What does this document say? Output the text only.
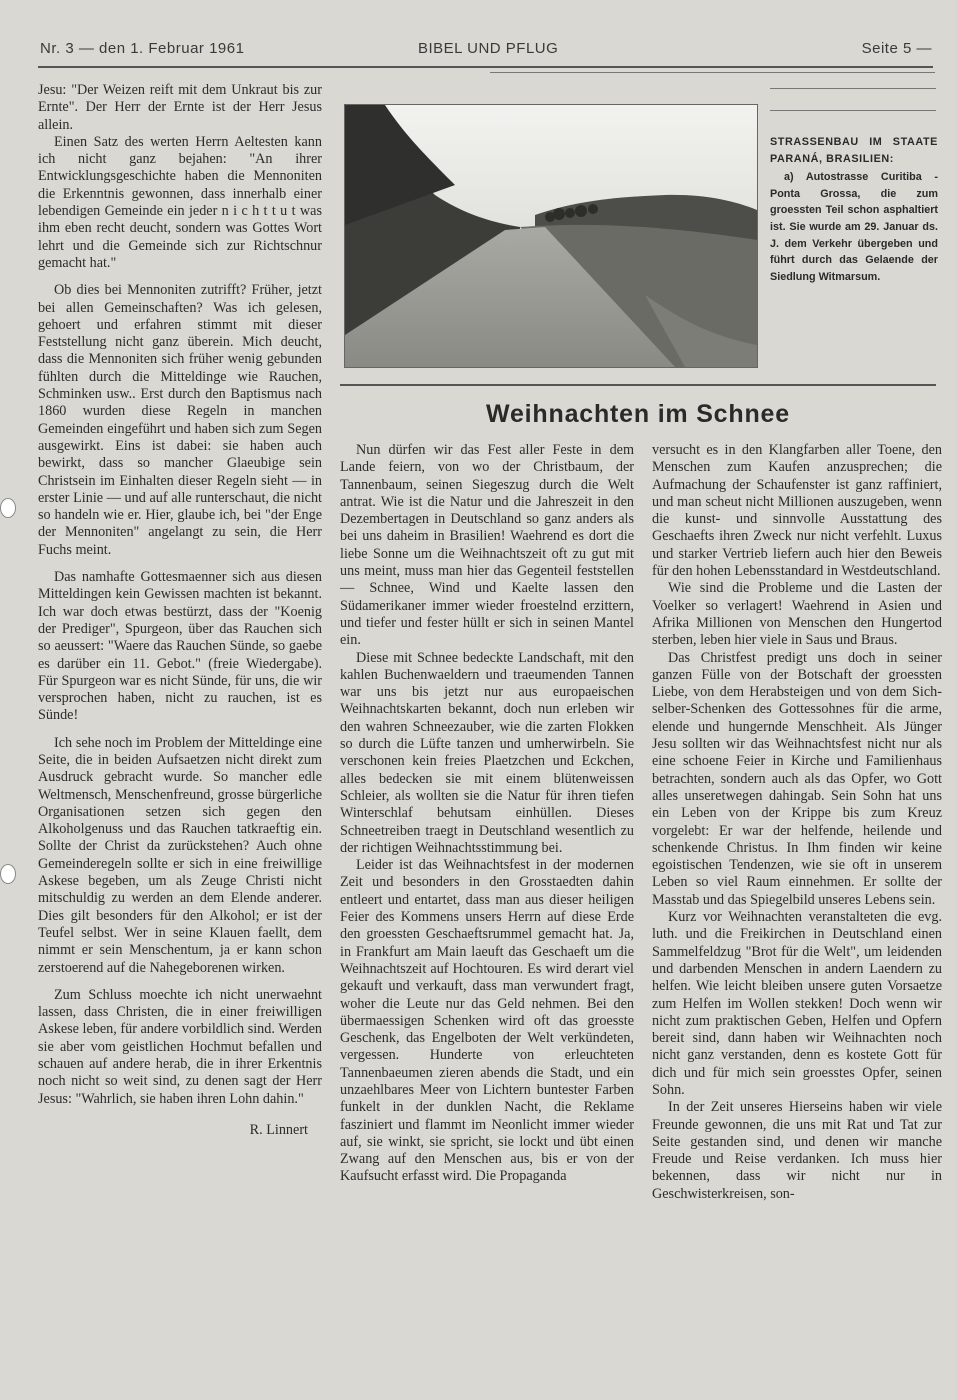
Nr. 3 — den 1. Februar 1961	BIBEL UND PFLUG	Seite 5 —

Jesu: "Der Weizen reift mit dem Unkraut bis zur Ernte". Der Herr der Ernte ist der Herr Jesus allein.

Einen Satz des werten Herrn Aeltesten kann ich nicht ganz bejahen: "An ihrer Entwicklungsgeschichte haben die Mennoniten die Erkenntnis gewonnen, dass innerhalb einer lebendigen Gemeinde ein jeder n i c h t t u t was ihm eben recht deucht, sondern was Gottes Wort lehrt und die Gemeinde sich zur Richtschnur gemacht hat."

Ob dies bei Mennoniten zutrifft? Früher, jetzt bei allen Gemeinschaften? Was ich gelesen, gehoert und erfahren stimmt mit dieser Feststellung nicht ganz überein. Mich deucht, dass die Mennoniten sich früher wenig gebunden fühlten durch die Mitteldinge wie Rauchen, Schminken usw.. Erst durch den Baptismus nach 1860 wurden diese Regeln in manchen Gemeinden eingeführt und haben sich zum Segen ausgewirkt. Eins ist dabei: sie haben auch bewirkt, dass so mancher Glaeubige sein Christsein im Einhalten dieser Regeln sieht — in erster Linie — und auf alle runterschaut, die nicht so handeln wie er. Hier, glaube ich, bei "der Enge der Mennoniten" angelangt zu sein, die Herr Fuchs meint.

Das namhafte Gottesmaenner sich aus diesen Mitteldingen kein Gewissen machten ist bekannt. Ich war doch etwas bestürzt, dass der "Koenig der Prediger", Spurgeon, über das Rauchen sich so aeussert: "Waere das Rauchen Sünde, so gaebe es darüber ein 11. Gebot." (freie Wiedergabe). Für Spurgeon war es nicht Sünde, für uns, die wir versprochen haben, nicht zu rauchen, ist es Sünde!

Ich sehe noch im Problem der Mitteldinge eine Seite, die in beiden Aufsaetzen nicht direkt zum Ausdruck gebracht wurde. So mancher edle Weltmensch, Menschenfreund, grosse bürgerliche Organisationen setzen sich gegen den Alkoholgenuss und das Rauchen tatkraeftig ein. Sollte der Christ da zurückstehen? Auch ohne Gemeinderegeln sollte er sich in eine freiwillige Askese begeben, um als Zeuge Christi nicht mitschuldig zu werden an dem Elende anderer. Dies gilt besonders für den Alkohol; er ist der Teufel selbst. Wer in seine Klauen faellt, dem nimmt er sein Menschentum, ja er kann schon zerstoerend auf die Nahegeborenen wirken.

Zum Schluss moechte ich nicht unerwaehnt lassen, dass Christen, die in einer freiwilligen Askese leben, für andere vorbildlich sind. Werden sie aber vom geistlichen Hochmut befallen und schauen auf andere herab, die in ihrer Erkentnis noch nicht so weit sind, zu denen sagt der Herr Jesus: "Wahrlich, sie haben ihren Lohn dahin."

R. Linnert

STRASSENBAU IM STAATE PARANÁ, BRASILIEN:
a) Autostrasse Curitiba - Ponta Grossa, die zum groessten Teil schon asphaltiert ist. Sie wurde am 29. Januar ds. J. dem Verkehr übergeben und führt durch das Gelaende der Siedlung Witmarsum.
Weihnachten im Schnee

Nun dürfen wir das Fest aller Feste in dem Lande feiern, von wo der Christbaum, der Tannenbaum, seinen Siegeszug durch die Welt antrat. Wie ist die Natur und die Jahreszeit in den Dezembertagen in Deutschland so ganz anders als bei uns daheim in Brasilien! Waehrend es dort die liebe Sonne um die Weihnachtszeit oft zu gut mit uns meint, muss man hier das Gegenteil feststellen — Schnee, Wind und Kaelte lassen den Südamerikaner immer wieder froestelnd erzittern, und tiefer und fester hüllt er sich in seinen Mantel ein.

Diese mit Schnee bedeckte Landschaft, mit den kahlen Buchenwaeldern und traeumenden Tannen war uns bis jetzt nur aus europaeischen Weihnachtskarten bekannt, doch nun erleben wir den wahren Schneezauber, wie die zarten Flokken so durch die Lüfte tanzen und umherwirbeln. Sie verschonen kein freies Plaetzchen und Eckchen, alles bedecken sie mit einem blütenweissen Schleier, als wollten sie die Natur für ihren tiefen Winterschlaf behutsam einhüllen. Dieses Schneetreiben traegt in Deutschland wesentlich zu der richtigen Weihnachtsstimmung bei.

Leider ist das Weihnachtsfest in der modernen Zeit und besonders in den Grosstaedten dahin entleert und entartet, dass man aus dieser heiligen Feier des Kommens unsers Herrn auf diese Erde den groessten Geschaeftsrummel gemacht hat. Ja, in Frankfurt am Main laeuft das Geschaeft um die Weihnachtszeit auf Hochtouren. Es wird derart viel gekauft und verkauft, dass man verwundert fragt, woher die Leute nur das Geld nehmen. Bei den übermaessigen Schenken wird oft das groesste Geschenk, das Engelboten der Welt verkündeten, vergessen. Hunderte von erleuchteten Tannenbaeumen zieren abends die Stadt, und ein unzaehlbares Meer von Lichtern buntester Farben funkelt in der dunklen Nacht, die Reklame fasziniert und flammt im Neonlicht immer wieder auf, sie winkt, sie spricht, sie lockt und übt einen Zwang auf den Menschen aus, bis er von der Kaufsucht erfasst wird. Die Propaganda

versucht es in den Klangfarben aller Toene, den Menschen zum Kaufen anzusprechen; die Aufmachung der Schaufenster ist ganz raffiniert, und man scheut nicht Millionen auszugeben, wenn die kunst- und sinnvolle Ausstattung des Geschaefts ihren Zweck nur nicht verfehlt. Luxus und starker Vertrieb liefern auch hier den Beweis für den hohen Lebensstandard in Westdeutschland.

Wie sind die Probleme und die Lasten der Voelker so verlagert! Waehrend in Asien und Afrika Millionen von Menschen den Hungertod sterben, leben hier viele in Saus und Braus.

Das Christfest predigt uns doch in seiner ganzen Fülle von der Botschaft der groessten Liebe, von dem Herabsteigen und von dem Sich-selber-Schenken des Gottessohnes für die arme, elende und hungernde Menschheit. Als Jünger Jesu sollten wir das Weihnachtsfest nicht nur als eine schoene Feier in Kirche und Familienhaus betrachten, sondern auch als das Opfer, wo Gott alles unseretwegen dahingab. Sein Sohn hat uns ein Leben von der Krippe bis zum Kreuz vorgelebt: Er war der helfende, heilende und schenkende Christus. In Ihm finden wir keine egoistischen Tendenzen, wie sie oft in unserem Leben so viel Raum einnehmen. Er sollte der Masstab und das Spiegelbild unseres Lebens sein.

Kurz vor Weihnachten veranstalteten die evg. luth. und die Freikirchen in Deutschland einen Sammelfeldzug "Brot für die Welt", um leidenden und darbenden Menschen in andern Laendern zu helfen. Wie leicht bleiben unsere guten Vorsaetze zum Helfen im Wollen stekken! Doch wenn wir nicht zum praktischen Geben, Helfen und Opfern bereit sind, dann haben wir Weihnachten noch nicht ganz verstanden, denn es kostete Gott für dich und für mich sein groesstes Opfer, seinen Sohn.

In der Zeit unseres Hierseins haben wir viele Freunde gewonnen, die uns mit Rat und Tat zur Seite gestanden sind, und denen wir manche Freude und Reise verdanken. Ich muss hier bekennen, dass wir nicht nur in Geschwisterkreisen, son-
